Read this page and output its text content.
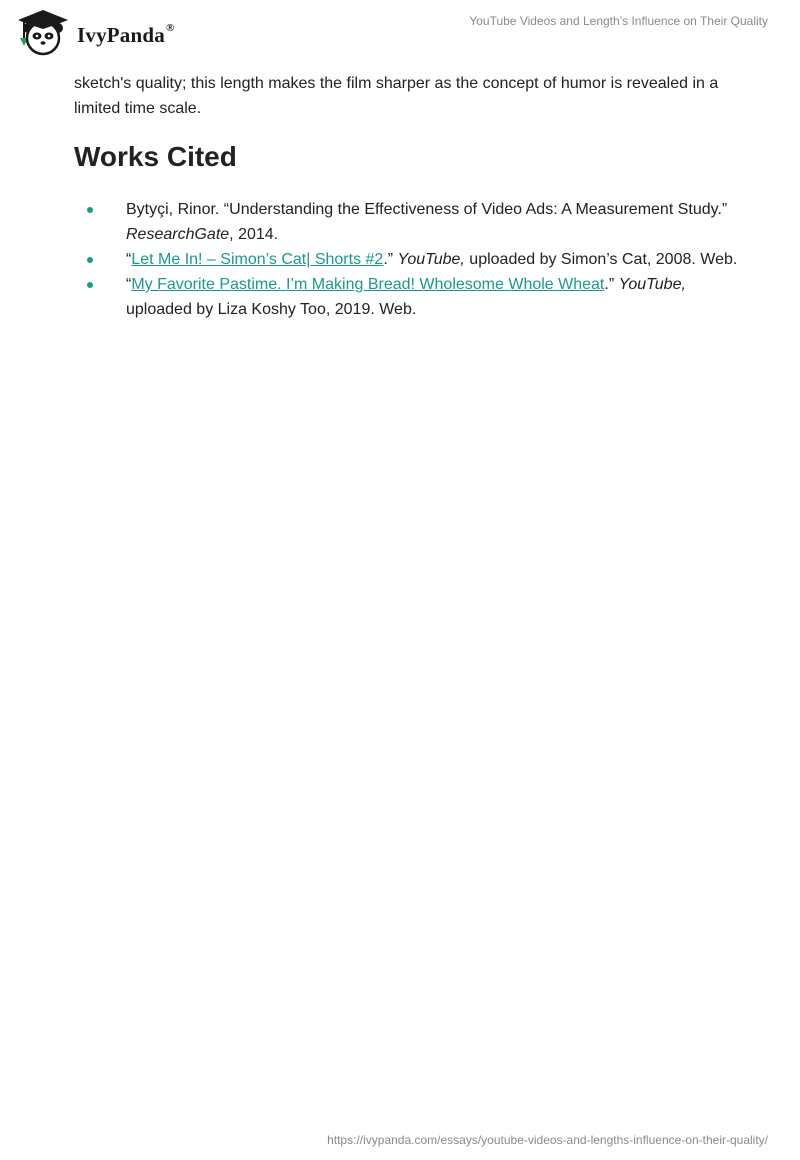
IvyPanda®	YouTube Videos and Length’s Influence on Their Quality

sketch's quality; this length makes the film sharper as the concept of humor is revealed in a limited time scale.

Works Cited
Bytyçi, Rinor. “Understanding the Effectiveness of Video Ads: A Measurement Study.” ResearchGate, 2014.
“Let Me In! – Simon’s Cat| Shorts #2.” YouTube, uploaded by Simon’s Cat, 2008. Web.
“My Favorite Pastime. I’m Making Bread! Wholesome Whole Wheat.” YouTube, uploaded by Liza Koshy Too, 2019. Web.
https://ivypanda.com/essays/youtube-videos-and-lengths-influence-on-their-quality/
